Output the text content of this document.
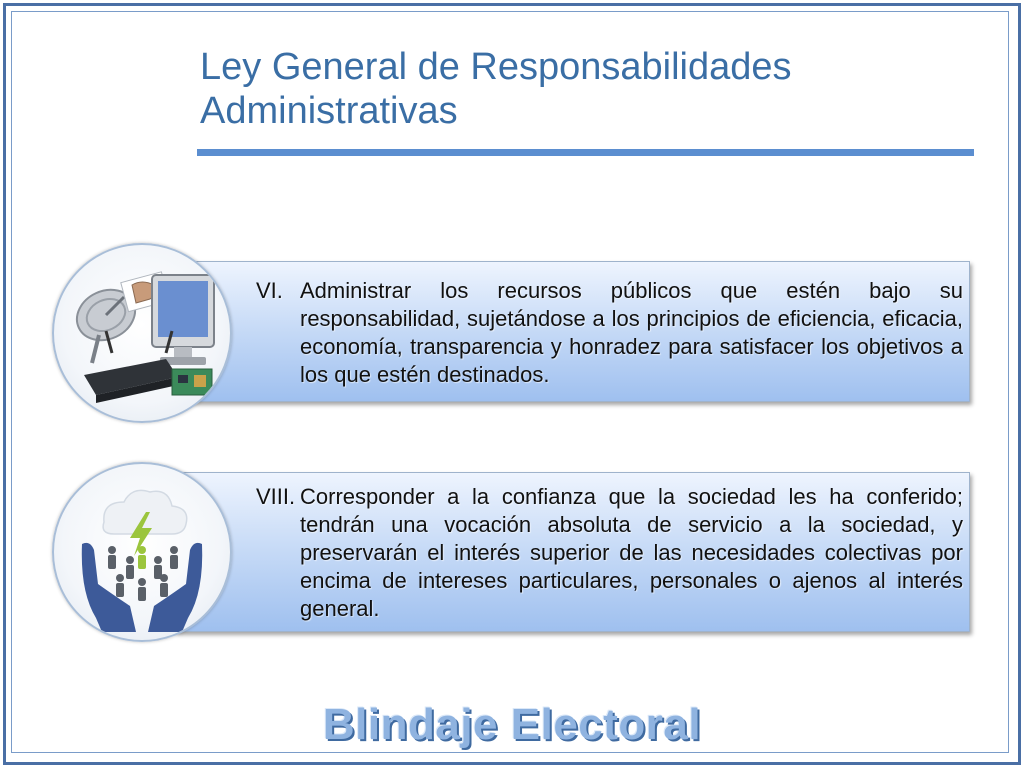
Ley General de Responsabilidades Administrativas
VI. Administrar los recursos públicos que estén bajo su responsabilidad, sujetándose a los principios de eficiencia, eficacia, economía, transparencia y honradez para satisfacer los objetivos a los que estén destinados.
VIII. Corresponder a la confianza que la sociedad les ha conferido; tendrán una vocación absoluta de servicio a la sociedad, y preservarán el interés superior de las necesidades colectivas por encima de intereses particulares, personales o ajenos al interés general.
Blindaje Electoral
